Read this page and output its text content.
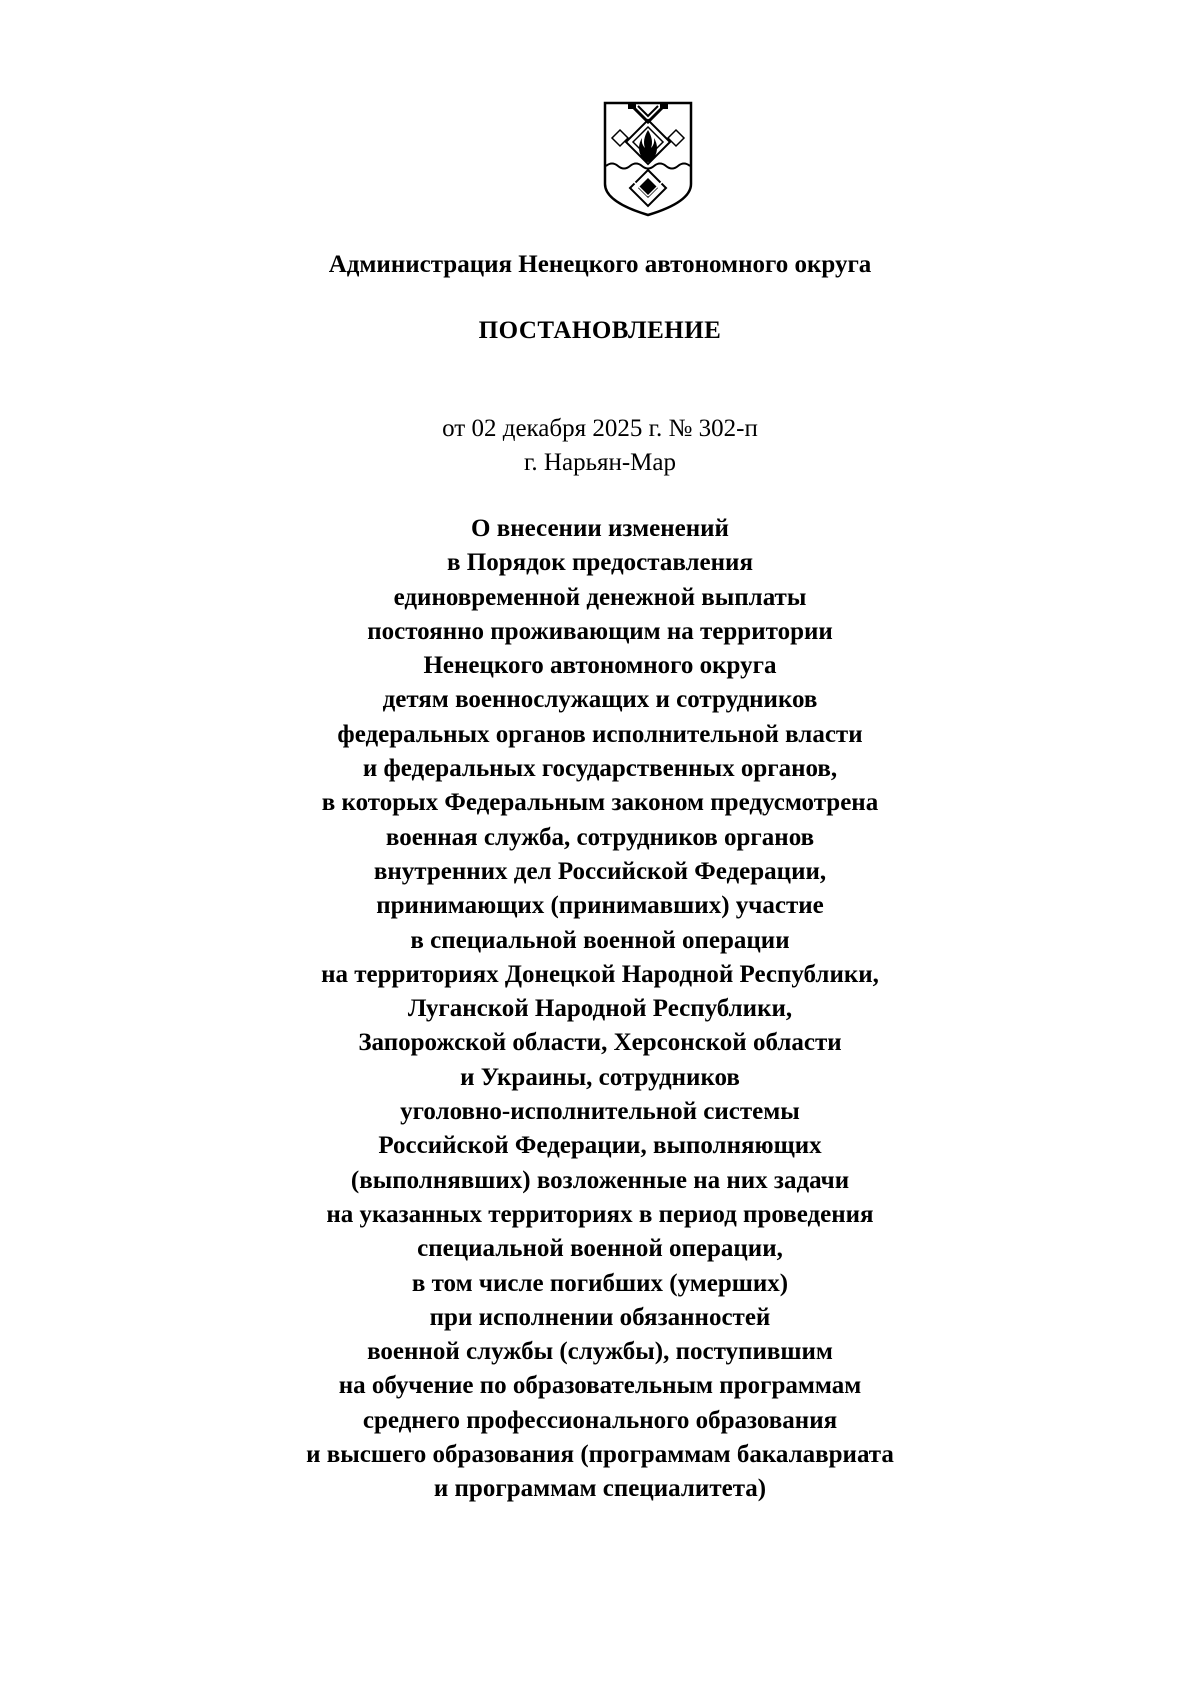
Администрация Ненецкого автономного округа
ПОСТАНОВЛЕНИЕ
от 02 декабря 2025 г. № 302-п
г. Нарьян-Мар
О внесении изменений
в Порядок предоставления
единовременной денежной выплаты
постоянно проживающим на территории
Ненецкого автономного округа
детям военнослужащих и сотрудников
федеральных органов исполнительной власти
и федеральных государственных органов,
в которых Федеральным законом предусмотрена
военная служба, сотрудников органов
внутренних дел Российской Федерации,
принимающих (принимавших) участие
в специальной военной операции
на территориях Донецкой Народной Республики,
Луганской Народной Республики,
Запорожской области, Херсонской области
и Украины, сотрудников
уголовно-исполнительной системы
Российской Федерации, выполняющих
(выполнявших) возложенные на них задачи
на указанных территориях в период проведения
специальной военной операции,
в том числе погибших (умерших)
при исполнении обязанностей
военной службы (службы), поступившим
на обучение по образовательным программам
среднего профессионального образования
и высшего образования (программам бакалавриата
и программам специалитета)
